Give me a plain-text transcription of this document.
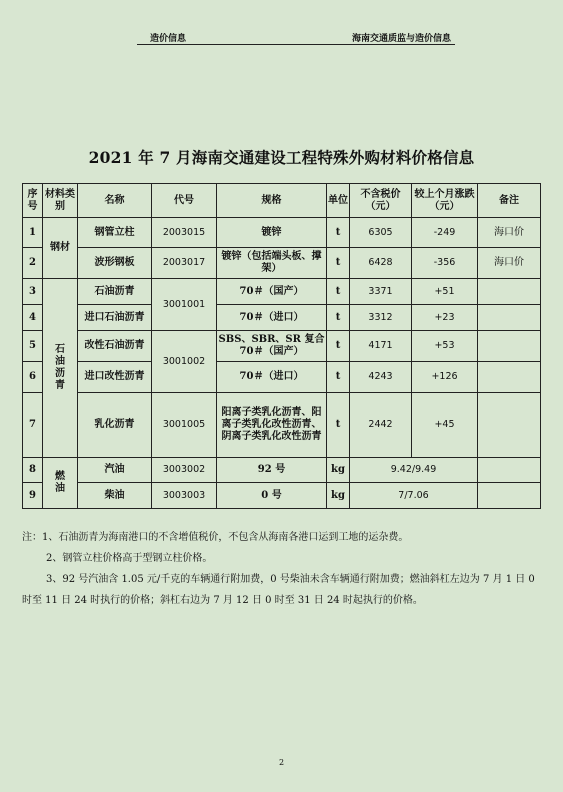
造价信息	海南交通质监与造价信息
2021 年 7 月海南交通建设工程特殊外购材料价格信息
序号	材料类别	名称	代号	规格	单位	不含税价（元）	较上个月涨跌（元）	备注
1	钢材	钢管立柱	2003015	镀锌	t	6305	-249	海口价
2		波形钢板	2003017	镀锌（包括端头板、撑架）	t	6428	-356	海口价
3	石油沥青	石油沥青	3001001	70＃（国产）	t	3371	+51	
4		进口石油沥青		70＃（进口）	t	3312	+23	
5		改性石油沥青	3001002	SBS、SBR、SR 复合 70＃（国产）	t	4171	+53	
6		进口改性沥青		70＃（进口）	t	4243	+126	
7		乳化沥青	3001005	阳离子类乳化沥青、阳离子类乳化改性沥青、阴离子类乳化改性沥青	t	2442	+45	
8	燃油	汽油	3003002	92 号	kg	9.42/9.49		
9		柴油	3003003	0 号	kg	7/7.06		

注：1、石油沥青为海南港口的不含增值税价，不包含从海南各港口运到工地的运杂费。

2、钢管立柱价格高于型钢立柱价格。

3、92 号汽油含 1.05 元/千克的车辆通行附加费，0 号柴油未含车辆通行附加费；燃油斜杠左边为 7 月 1 日 0 时至 11 日 24 时执行的价格；斜杠右边为 7 月 12 日 0 时至 31 日 24 时起执行的价格。

2
